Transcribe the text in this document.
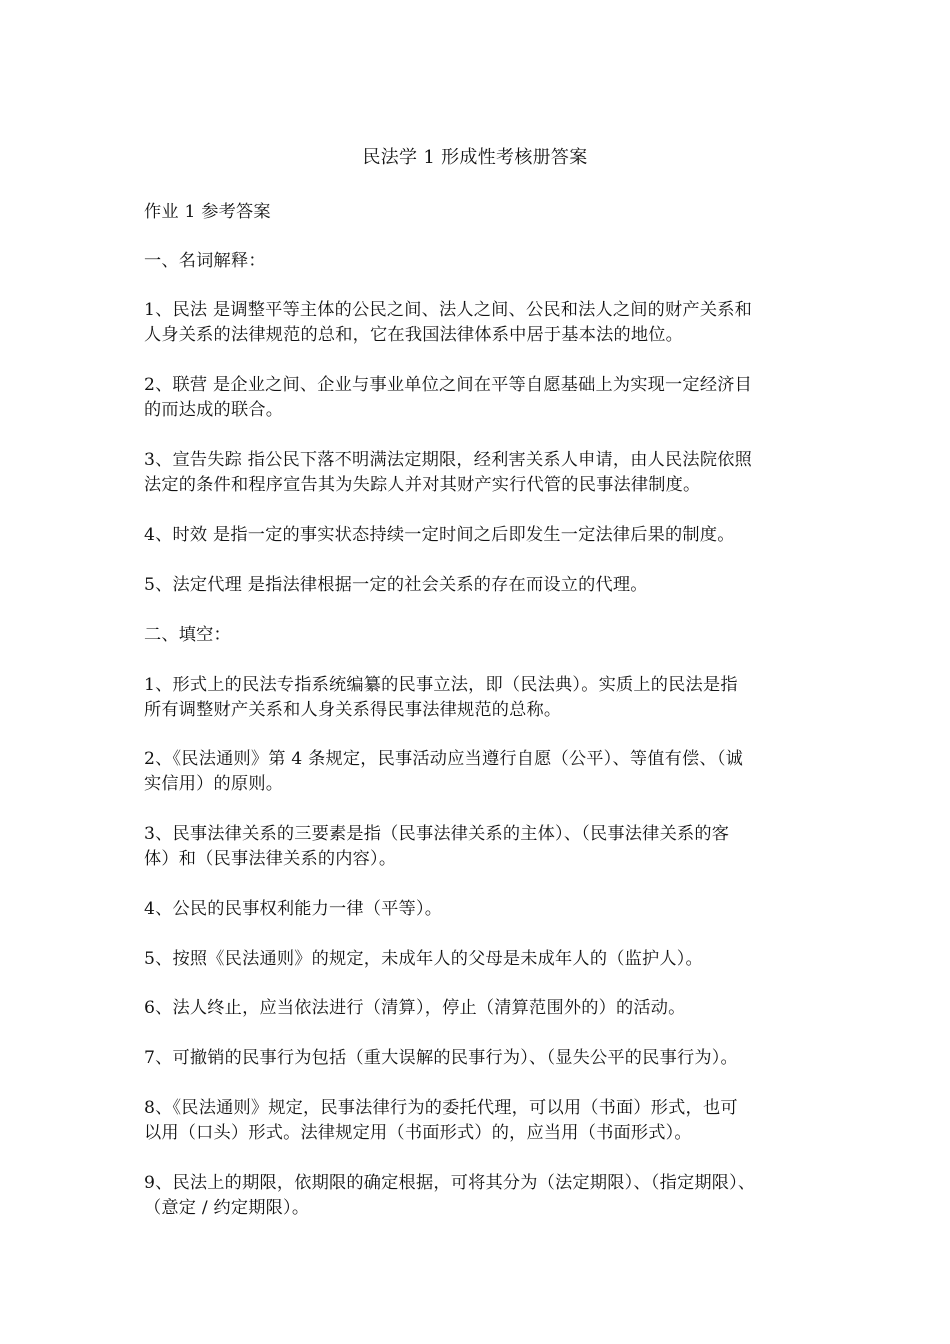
民法学 1 形成性考核册答案
作业 1 参考答案
一、名词解释：
1、民法 是调整平等主体的公民之间、法人之间、公民和法人之间的财产关系和
人身关系的法律规范的总和，它在我国法律体系中居于基本法的地位。
2、联营 是企业之间、企业与事业单位之间在平等自愿基础上为实现一定经济目
的而达成的联合。
3、宣告失踪 指公民下落不明满法定期限，经利害关系人申请，由人民法院依照
法定的条件和程序宣告其为失踪人并对其财产实行代管的民事法律制度。
4、时效 是指一定的事实状态持续一定时间之后即发生一定法律后果的制度。
5、法定代理 是指法律根据一定的社会关系的存在而设立的代理。
二、填空：
1、形式上的民法专指系统编纂的民事立法，即（民法典）。实质上的民法是指
所有调整财产关系和人身关系得民事法律规范的总称。
2、《民法通则》第 4 条规定，民事活动应当遵行自愿（公平）、等值有偿、（诚
实信用）的原则。
3、民事法律关系的三要素是指（民事法律关系的主体）、（民事法律关系的客
体）和（民事法律关系的内容）。
4、公民的民事权利能力一律（平等）。
5、按照《民法通则》的规定，未成年人的父母是未成年人的（监护人）。
6、法人终止，应当依法进行（清算），停止（清算范围外的）的活动。
7、可撤销的民事行为包括（重大误解的民事行为）、（显失公平的民事行为）。
8、《民法通则》规定，民事法律行为的委托代理，可以用（书面）形式，也可
以用（口头）形式。法律规定用（书面形式）的，应当用（书面形式）。
9、民法上的期限，依期限的确定根据，可将其分为（法定期限）、（指定期限）、
（意定 / 约定期限）。
